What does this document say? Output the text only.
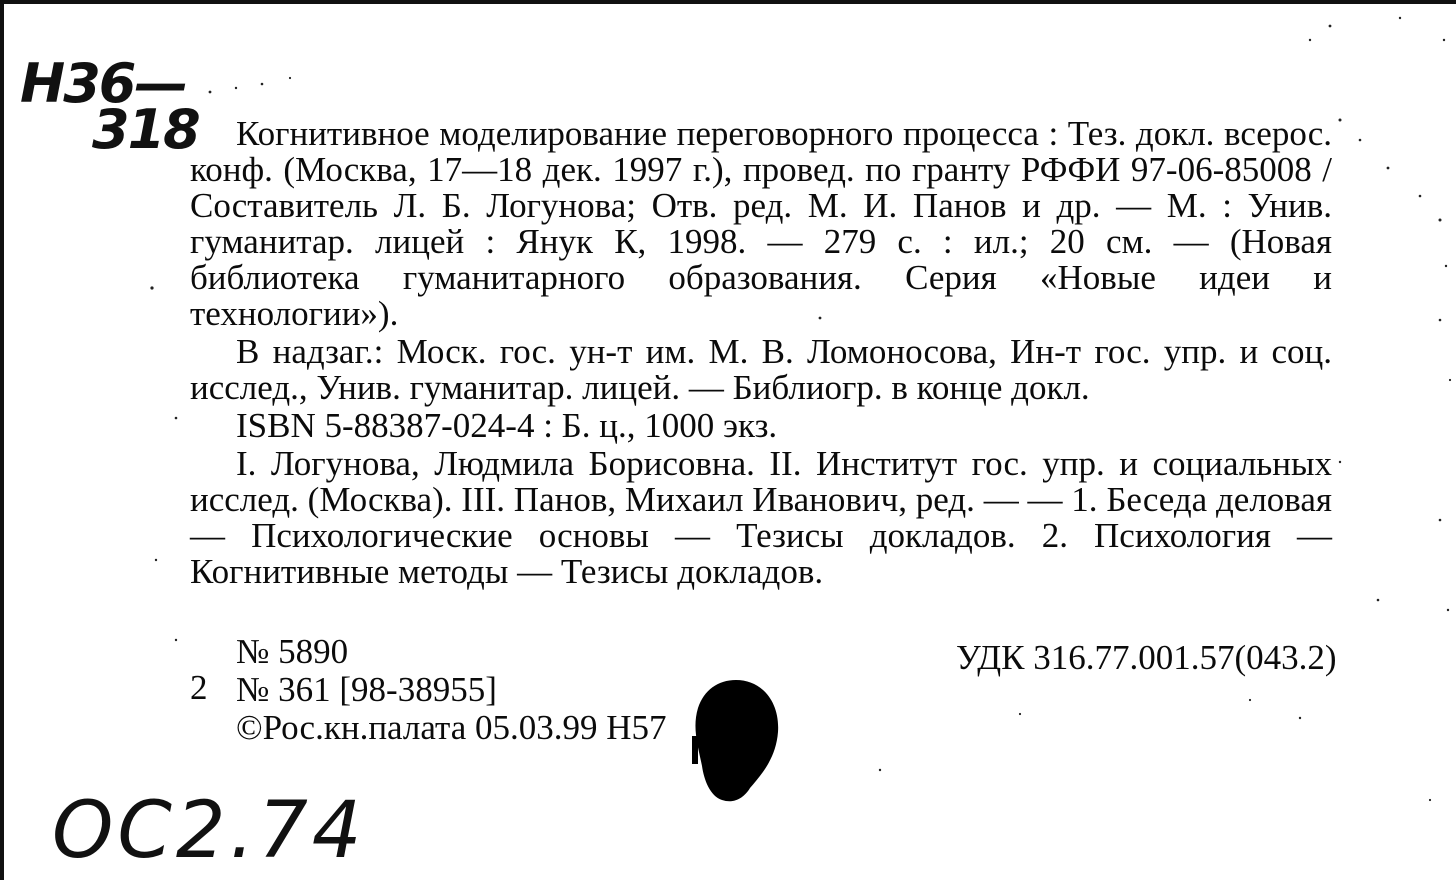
Н36—
318	Когнитивное моделирование переговорного процесса : Тез. докл. всерос. конф. (Москва, 17—18 дек. 1997 г.), провед. по гранту РФФИ 97-06-85008 / Составитель Л. Б. Логунова; Отв. ред. М. И. Панов и др. — М. : Унив. гуманитар. лицей : Янук К, 1998. — 279 с. : ил.; 20 см. — (Новая библиотека гуманитарного образования. Серия «Новые идеи и технологии»).

В надзаг.: Моск. гос. ун-т им. М. В. Ломоносова, Ин-т гос. упр. и соц. исслед., Унив. гуманитар. лицей. — Библиогр. в конце докл.

ISBN 5-88387-024-4 : Б. ц., 1000 экз.

I. Логунова, Людмила Борисовна. II. Институт гос. упр. и социальных исслед. (Москва). III. Панов, Михаил Иванович, ред. — — 1. Беседа деловая — Психологические основы — Тезисы докладов. 2. Психология — Когнитивные методы — Тезисы докладов.

№ 5890	УДК 316.77.001.57(043.2)
2 № 361 [98-38955]
©Рос.кн.палата 05.03.99 Н57
ОС2.74
